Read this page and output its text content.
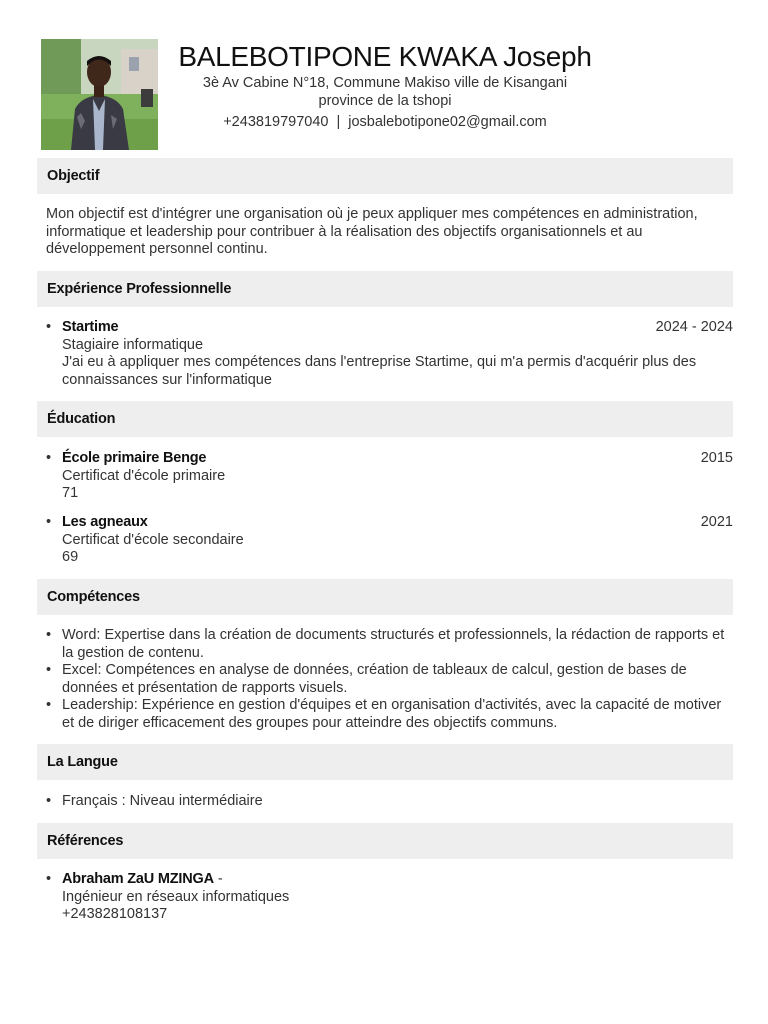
BALEBOTIPONE KWAKA Joseph
3è Av Cabine N°18, Commune Makiso ville de Kisangani
province de la tshopi
+243819797040 | josbalebotipone02@gmail.com
Objectif
Mon objectif est d'intégrer une organisation où je peux appliquer mes compétences en administration, informatique et leadership pour contribuer à la réalisation des objectifs organisationnels et au développement personnel continu.
Expérience Professionnelle
•	2024 - 2024
Startime
Stagiaire informatique
J'ai eu à appliquer mes compétences dans l'entreprise Startime, qui m'a permis d'acquérir plus des connaissances sur l'informatique
Éducation
•	2015
École primaire Benge
Certificat d'école primaire
71
•	2021
Les agneaux
Certificat d'école secondaire
69
Compétences
• Word: Expertise dans la création de documents structurés et professionnels, la rédaction de rapports et la gestion de contenu.
• Excel: Compétences en analyse de données, création de tableaux de calcul, gestion de bases de données et présentation de rapports visuels.
• Leadership: Expérience en gestion d'équipes et en organisation d'activités, avec la capacité de motiver et de diriger efficacement des groupes pour atteindre des objectifs communs.
La Langue
• Français : Niveau intermédiaire
Références
• Abraham ZaU MZINGA -
Ingénieur en réseaux informatiques
+243828108137
